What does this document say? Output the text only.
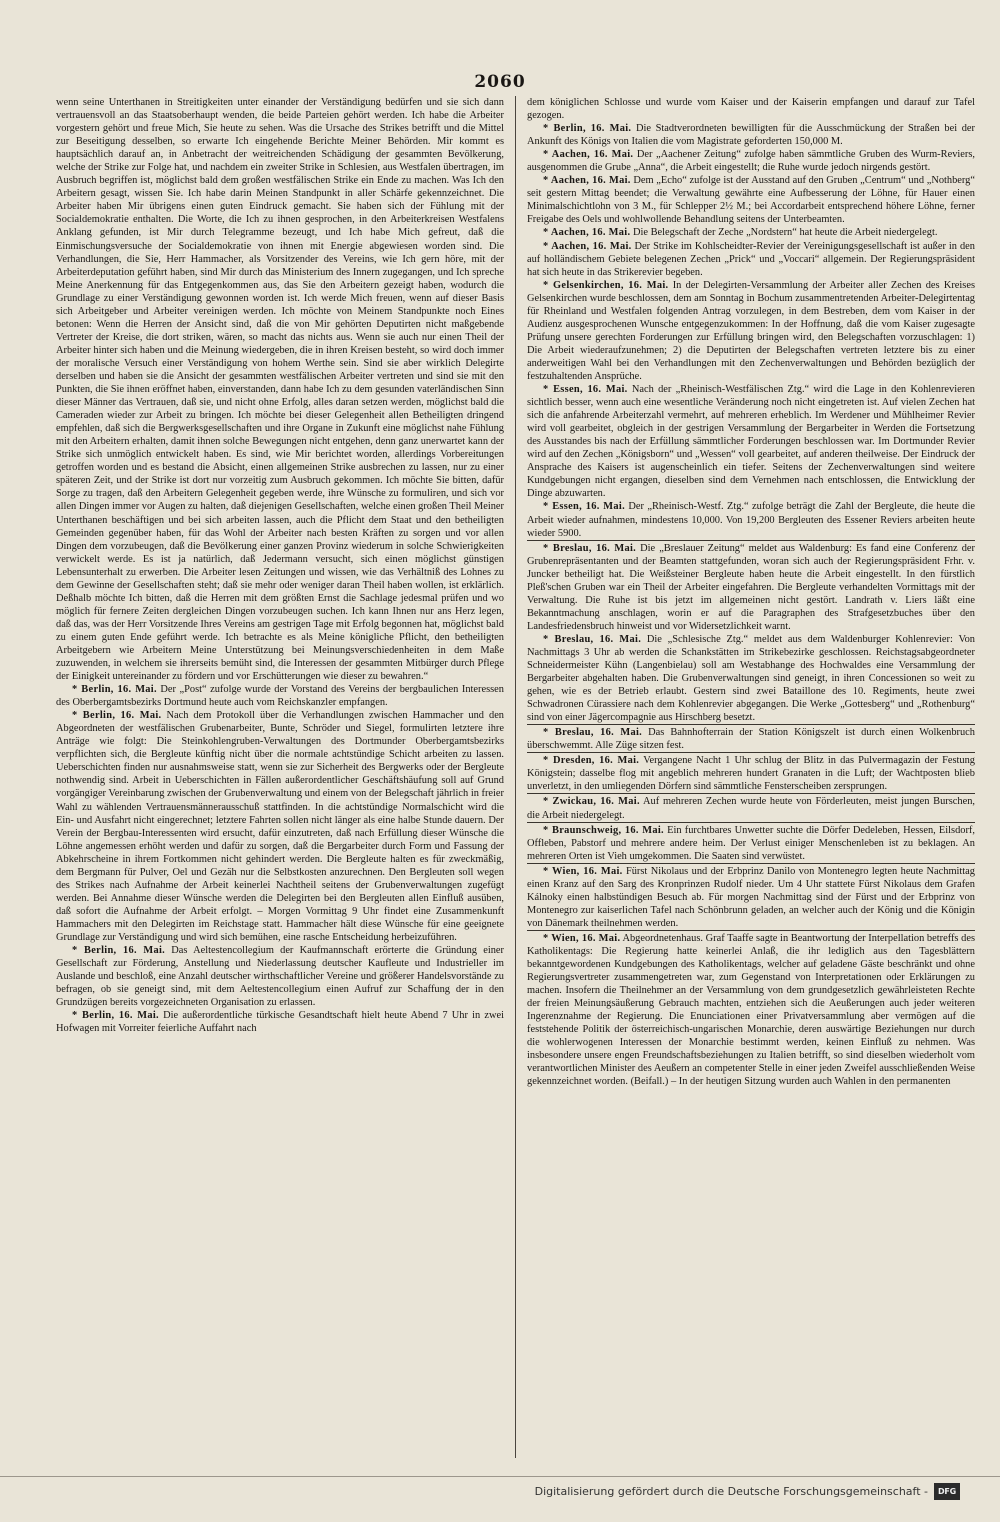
2060

wenn seine Unterthanen in Streitigkeiten unter einander der Verständigung bedürfen und sie sich dann vertrauensvoll an das Staatsoberhaupt wenden, die beide Parteien gehört werden. Ich habe die Arbeiter vorgestern gehört und freue Mich, Sie heute zu sehen. Was die Ursache des Strikes betrifft und die Mittel zur Beseitigung desselben, so erwarte Ich eingehende Berichte Meiner Behörden. Mir kommt es hauptsächlich darauf an, in Anbetracht der weitreichenden Schädigung der gesammten Bevölkerung, welche der Strike zur Folge hat, und nachdem ein zweiter Strike in Schlesien, aus Westfalen übertragen, im Ausbruch begriffen ist, möglichst bald dem großen westfälischen Strike ein Ende zu machen. Was Ich den Arbeitern gesagt, wissen Sie. Ich habe darin Meinen Standpunkt in aller Schärfe gekennzeichnet. Die Arbeiter haben Mir übrigens einen guten Eindruck gemacht. Sie haben sich der Fühlung mit der Socialdemokratie enthalten. Die Worte, die Ich zu ihnen gesprochen, in den Arbeiterkreisen Westfalens Anklang gefunden, ist Mir durch Telegramme bezeugt, und Ich habe Mich gefreut, daß die Einmischungsversuche der Socialdemokratie von ihnen mit Energie abgewiesen worden sind. Die Verhandlungen, die Sie, Herr Hammacher, als Vorsitzender des Vereins, wie Ich gern höre, mit der Arbeiterdeputation geführt haben, sind Mir durch das Ministerium des Innern zugegangen, und Ich spreche Meine Anerkennung für das Entgegenkommen aus, das Sie den Arbeitern gezeigt haben, wodurch die Grundlage zu einer Verständigung gewonnen worden ist. Ich werde Mich freuen, wenn auf dieser Basis sich Arbeitgeber und Arbeiter vereinigen werden. Ich möchte von Meinem Standpunkte noch Eines betonen: Wenn die Herren der Ansicht sind, daß die von Mir gehörten Deputirten nicht maßgebende Vertreter der Kreise, die dort striken, wären, so macht das nichts aus. Wenn sie auch nur einen Theil der Arbeiter hinter sich haben und die Meinung wiedergeben, die in ihren Kreisen besteht, so wird doch immer der moralische Versuch einer Verständigung von hohem Werthe sein. Sind sie aber wirklich Delegirte derselben und haben sie die Ansicht der gesammten westfälischen Arbeiter vertreten und sind sie mit den Punkten, die Sie ihnen eröffnet haben, einverstanden, dann habe Ich zu dem gesunden vaterländischen Sinn dieser Männer das Vertrauen, daß sie, und nicht ohne Erfolg, alles daran setzen werden, möglichst bald die Cameraden wieder zur Arbeit zu bringen. Ich möchte bei dieser Gelegenheit allen Betheiligten dringend empfehlen, daß sich die Bergwerksgesellschaften und ihre Organe in Zukunft eine möglichst nahe Fühlung mit den Arbeitern erhalten, damit ihnen solche Bewegungen nicht entgehen, denn ganz unerwartet kann der Strike sich unmöglich entwickelt haben. Es sind, wie Mir berichtet worden, allerdings Vorbereitungen getroffen worden und es bestand die Absicht, einen allgemeinen Strike ausbrechen zu lassen, nur zu einer späteren Zeit, und der Strike ist dort nur vorzeitig zum Ausbruch gekommen. Ich möchte Sie bitten, dafür Sorge zu tragen, daß den Arbeitern Gelegenheit gegeben werde, ihre Wünsche zu formuliren, und sich vor allen Dingen immer vor Augen zu halten, daß diejenigen Gesellschaften, welche einen großen Theil Meiner Unterthanen beschäftigen und bei sich arbeiten lassen, auch die Pflicht dem Staat und den betheiligten Gemeinden gegenüber haben, für das Wohl der Arbeiter nach besten Kräften zu sorgen und vor allen Dingen dem vorzubeugen, daß die Bevölkerung einer ganzen Provinz wiederum in solche Schwierigkeiten verwickelt werde. Es ist ja natürlich, daß Jedermann versucht, sich einen möglichst günstigen Lebensunterhalt zu erwerben. Die Arbeiter lesen Zeitungen und wissen, wie das Verhältniß des Lohnes zu dem Gewinne der Gesellschaften steht; daß sie mehr oder weniger daran Theil haben wollen, ist erklärlich. Deßhalb möchte Ich bitten, daß die Herren mit dem größten Ernst die Sachlage jedesmal prüfen und wo möglich für fernere Zeiten dergleichen Dingen vorzubeugen suchen. Ich kann Ihnen nur ans Herz legen, daß das, was der Herr Vorsitzende Ihres Vereins am gestrigen Tage mit Erfolg begonnen hat, möglichst bald zu einem guten Ende geführt werde. Ich betrachte es als Meine königliche Pflicht, den betheiligten Arbeitgebern wie Arbeitern Meine Unterstützung bei Meinungsverschiedenheiten in dem Maße zuzuwenden, in welchem sie ihrerseits bemüht sind, die Interessen der gesammten Mitbürger durch Pflege der Einigkeit untereinander zu fördern und vor Erschütterungen wie dieser zu bewahren.“

* Berlin, 16. Mai. Der „Post“ zufolge wurde der Vorstand des Vereins der bergbaulichen Interessen des Oberbergamtsbezirks Dortmund heute auch vom Reichskanzler empfangen.

* Berlin, 16. Mai. Nach dem Protokoll über die Verhandlungen zwischen Hammacher und den Abgeordneten der westfälischen Grubenarbeiter, Bunte, Schröder und Siegel, formulirten letztere ihre Anträge wie folgt: Die Steinkohlengruben-Verwaltungen des Dortmunder Oberbergamtsbezirks verpflichten sich, die Bergleute künftig nicht über die normale achtstündige Schicht arbeiten zu lassen. Ueberschichten finden nur ausnahmsweise statt, wenn sie zur Sicherheit des Bergwerks oder der Bergleute nothwendig sind. Arbeit in Ueberschichten in Fällen außerordentlicher Geschäftshäufung soll auf Grund vorgängiger Vereinbarung zwischen der Grubenverwaltung und einem von der Belegschaft jährlich in freier Wahl zu wählenden Vertrauensmännerausschuß stattfinden. In die achtstündige Normalschicht wird die Ein- und Ausfahrt nicht eingerechnet; letztere Fahrten sollen nicht länger als eine halbe Stunde dauern. Der Verein der Bergbau-Interessenten wird ersucht, dafür einzutreten, daß nach Erfüllung dieser Wünsche die Löhne angemessen erhöht werden und dafür zu sorgen, daß die Bergarbeiter durch Form und Fassung der Abkehrscheine in ihrem Fortkommen nicht gehindert werden. Die Bergleute halten es für zweckmäßig, dem Bergmann für Pulver, Oel und Gezäh nur die Selbstkosten anzurechnen. Den Bergleuten soll wegen des Strikes nach Aufnahme der Arbeit keinerlei Nachtheil seitens der Grubenverwaltungen zugefügt werden. Bei Annahme dieser Wünsche werden die Delegirten bei den Bergleuten allen Einfluß ausüben, daß sofort die Aufnahme der Arbeit erfolgt. – Morgen Vormittag 9 Uhr findet eine Zusammenkunft Hammachers mit den Delegirten im Reichstage statt. Hammacher hält diese Wünsche für eine geeignete Grundlage zur Verständigung und wird sich bemühen, eine rasche Entscheidung herbeizuführen.

* Berlin, 16. Mai. Das Aeltestencollegium der Kaufmannschaft erörterte die Gründung einer Gesellschaft zur Förderung, Anstellung und Niederlassung deutscher Kaufleute und Industrieller im Auslande und beschloß, eine Anzahl deutscher wirthschaftlicher Vereine und größerer Handelsvorstände zu befragen, ob sie geneigt sind, mit dem Aeltestencollegium einen Aufruf zur Schaffung der in den Grundzügen bereits vorgezeichneten Organisation zu erlassen.

* Berlin, 16. Mai. Die außerordentliche türkische Gesandtschaft hielt heute Abend 7 Uhr in zwei Hofwagen mit Vorreiter feierliche Auffahrt nach

dem königlichen Schlosse und wurde vom Kaiser und der Kaiserin empfangen und darauf zur Tafel gezogen.

* Berlin, 16. Mai. Die Stadtverordneten bewilligten für die Ausschmückung der Straßen bei der Ankunft des Königs von Italien die vom Magistrate geforderten 150,000 M.

* Aachen, 16. Mai. Der „Aachener Zeitung“ zufolge haben sämmtliche Gruben des Wurm-Reviers, ausgenommen die Grube „Anna“, die Arbeit eingestellt; die Ruhe wurde jedoch nirgends gestört.

* Aachen, 16. Mai. Dem „Echo“ zufolge ist der Ausstand auf den Gruben „Centrum“ und „Nothberg“ seit gestern Mittag beendet; die Verwaltung gewährte eine Aufbesserung der Löhne, für Hauer einen Minimalschichtlohn von 3 M., für Schlepper 2½ M.; bei Accordarbeit entsprechend höhere Löhne, ferner Freigabe des Oels und wohlwollende Behandlung seitens der Unterbeamten.

* Aachen, 16. Mai. Die Belegschaft der Zeche „Nordstern“ hat heute die Arbeit niedergelegt.

* Aachen, 16. Mai. Der Strike im Kohlscheidter-Revier der Vereinigungsgesellschaft ist außer in den auf holländischem Gebiete belegenen Zechen „Prick“ und „Voccari“ allgemein. Der Regierungspräsident hat sich heute in das Strikerevier begeben.

* Gelsenkirchen, 16. Mai. In der Delegirten-Versammlung der Arbeiter aller Zechen des Kreises Gelsenkirchen wurde beschlossen, dem am Sonntag in Bochum zusammentretenden Arbeiter-Delegirtentag für Rheinland und Westfalen folgenden Antrag vorzulegen, in dem Bestreben, dem vom Kaiser in der Audienz ausgesprochenen Wunsche entgegenzukommen: In der Hoffnung, daß die vom Kaiser zugesagte Prüfung unsere gerechten Forderungen zur Erfüllung bringen wird, den Belegschaften vorzuschlagen: 1) Die Arbeit wiederaufzunehmen; 2) die Deputirten der Belegschaften vertreten letztere bis zu einer anderweitigen Wahl bei den Verhandlungen mit den Zechenverwaltungen und Behörden bezüglich der festzuhaltenden Ansprüche.

* Essen, 16. Mai. Nach der „Rheinisch-Westfälischen Ztg.“ wird die Lage in den Kohlenrevieren sichtlich besser, wenn auch eine wesentliche Veränderung noch nicht eingetreten ist. Auf vielen Zechen hat sich die anfahrende Arbeiterzahl vermehrt, auf mehreren erheblich. Im Werdener und Mühlheimer Revier wird voll gearbeitet, obgleich in der gestrigen Versammlung der Bergarbeiter in Werden die Fortsetzung des Ausstandes bis nach der Erfüllung sämmtlicher Forderungen beschlossen war. Im Dortmunder Revier wird auf den Zechen „Königsborn“ und „Wessen“ voll gearbeitet, auf anderen theilweise. Der Eindruck der Ansprache des Kaisers ist augenscheinlich ein tiefer. Seitens der Zechenverwaltungen sind weitere Kundgebungen nicht ergangen, dieselben sind dem Vernehmen nach entschlossen, die Entwicklung der Dinge abzuwarten.

* Essen, 16. Mai. Der „Rheinisch-Westf. Ztg.“ zufolge beträgt die Zahl der Bergleute, die heute die Arbeit wieder aufnahmen, mindestens 10,000. Von 19,200 Bergleuten des Essener Reviers arbeiten heute wieder 5900.

* Breslau, 16. Mai. Die „Breslauer Zeitung“ meldet aus Waldenburg: Es fand eine Conferenz der Grubenrepräsentanten und der Beamten stattgefunden, woran sich auch der Regierungspräsident Frhr. v. Juncker betheiligt hat. Die Weißsteiner Bergleute haben heute die Arbeit eingestellt. In den fürstlich Pleß'schen Gruben war ein Theil der Arbeiter eingefahren. Die Bergleute verhandelten Vormittags mit der Verwaltung. Die Ruhe ist bis jetzt im allgemeinen nicht gestört. Landrath v. Liers läßt eine Bekanntmachung anschlagen, worin er auf die Paragraphen des Strafgesetzbuches über den Landesfriedensbruch hinweist und vor Widersetzlichkeit warnt.

* Breslau, 16. Mai. Die „Schlesische Ztg.“ meldet aus dem Waldenburger Kohlenrevier: Von Nachmittags 3 Uhr ab werden die Schankstätten im Strikebezirke geschlossen. Reichstagsabgeordneter Schneidermeister Kühn (Langenbielau) soll am Westabhange des Hochwaldes eine Versammlung der Bergarbeiter abgehalten haben. Die Grubenverwaltungen sind geneigt, in ihren Concessionen so weit zu gehen, wie es der Betrieb erlaubt. Gestern sind zwei Bataillone des 10. Regiments, heute zwei Schwadronen Cürassiere nach dem Kohlenrevier abgegangen. Die Werke „Gottesberg“ und „Rothenburg“ sind von einer Jägercompagnie aus Hirschberg besetzt.

* Breslau, 16. Mai. Das Bahnhofterrain der Station Königszelt ist durch einen Wolkenbruch überschwemmt. Alle Züge sitzen fest.

* Dresden, 16. Mai. Vergangene Nacht 1 Uhr schlug der Blitz in das Pulvermagazin der Festung Königstein; dasselbe flog mit angeblich mehreren hundert Granaten in die Luft; der Wachtposten blieb unverletzt, in den umliegenden Dörfern sind sämmtliche Fensterscheiben zersprungen.

* Zwickau, 16. Mai. Auf mehreren Zechen wurde heute von Förderleuten, meist jungen Burschen, die Arbeit niedergelegt.

* Braunschweig, 16. Mai. Ein furchtbares Unwetter suchte die Dörfer Dedeleben, Hessen, Eilsdorf, Offleben, Pabstorf und mehrere andere heim. Der Verlust einiger Menschenleben ist zu beklagen. An mehreren Orten ist Vieh umgekommen. Die Saaten sind verwüstet.

* Wien, 16. Mai. Fürst Nikolaus und der Erbprinz Danilo von Montenegro legten heute Nachmittag einen Kranz auf den Sarg des Kronprinzen Rudolf nieder. Um 4 Uhr stattete Fürst Nikolaus dem Grafen Kálnoky einen halbstündigen Besuch ab. Für morgen Nachmittag sind der Fürst und der Erbprinz von Montenegro zur kaiserlichen Tafel nach Schönbrunn geladen, an welcher auch der König und die Königin von Dänemark theilnehmen werden.

* Wien, 16. Mai. Abgeordnetenhaus. Graf Taaffe sagte in Beantwortung der Interpellation betreffs des Katholikentags: Die Regierung hatte keinerlei Anlaß, die ihr lediglich aus den Tagesblättern bekanntgewordenen Kundgebungen des Katholikentags, welcher auf geladene Gäste beschränkt und ohne Regierungsvertreter zusammengetreten war, zum Gegenstand von Interpretationen oder Erklärungen zu machen. Insofern die Theilnehmer an der Versammlung von dem grundgesetzlich gewährleisteten Rechte der freien Meinungsäußerung Gebrauch machten, entziehen sich die Aeußerungen auch jeder weiteren Ingerenznahme der Regierung. Die Enunciationen einer Privatversammlung aber vermögen auf die feststehende Politik der österreichisch-ungarischen Monarchie, deren auswärtige Beziehungen nur durch die wohlerwogenen Interessen der Monarchie bestimmt werden, keinen Einfluß zu nehmen. Was insbesondere unsere engen Freundschaftsbeziehungen zu Italien betrifft, so sind dieselben wiederholt vom verantwortlichen Minister des Aeußern an competenter Stelle in einer jeden Zweifel ausschließenden Weise gekennzeichnet worden. (Beifall.) – In der heutigen Sitzung wurden auch Wahlen in den permanenten

Digitalisierung gefördert durch die Deutsche Forschungsgemeinschaft -	DFG
